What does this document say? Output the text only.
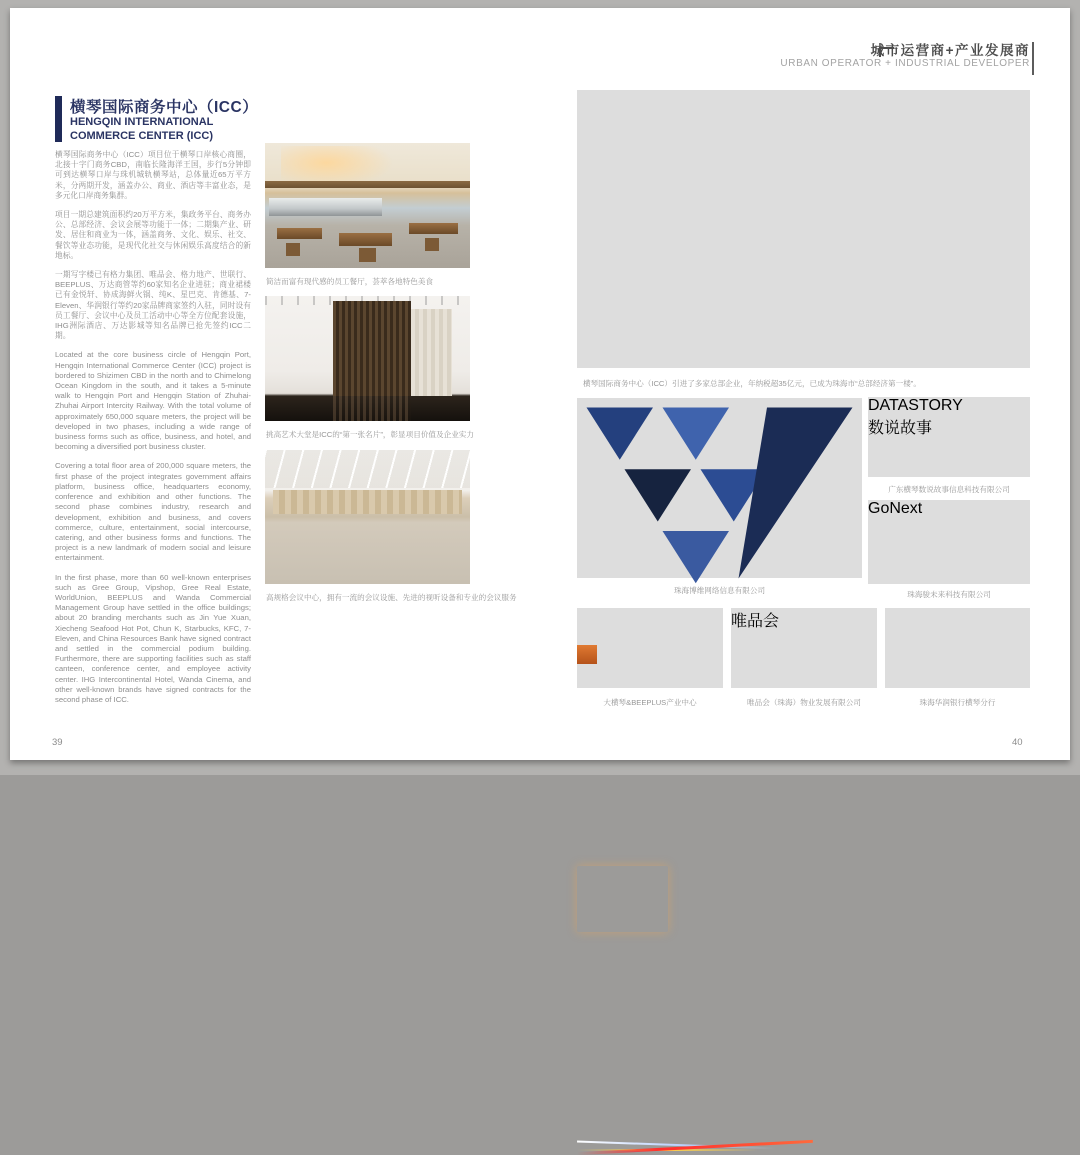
城市运营商+产业发展商
URBAN OPERATOR + INDUSTRIAL DEVELOPER
横琴国际商务中心（ICC）
HENGQIN INTERNATIONAL COMMERCE CENTER (ICC)

横琴国际商务中心（ICC）项目位于横琴口岸核心商圈，北接十字门商务CBD，南临长隆海洋王国，步行5分钟即可到达横琴口岸与珠机城轨横琴站，总体量近65万平方米，分两期开发，涵盖办公、商业、酒店等丰富业态，是多元化口岸商务集群。

项目一期总建筑面积约20万平方米，集政务平台、商务办公、总部经济、会议会展等功能于一体；二期集产业、研发、居住和商业为一体，涵盖商务、文化、娱乐、社交、餐饮等业态功能，是现代化社交与休闲娱乐高度结合的新地标。

一期写字楼已有格力集团、唯品会、格力地产、世联行、BEEPLUS、万达商管等约60家知名企业进驻；商业裙楼已有金悦轩、协成海鲜火锅、纯K、星巴克、肯德基、7-Eleven、华润银行等约20家品牌商家签约入驻，同时设有员工餐厅、会议中心及员工活动中心等全方位配套设施，IHG洲际酒店、万达影城等知名品牌已抢先签约ICC二期。

Located at the core business circle of Hengqin Port, Hengqin International Commerce Center (ICC) project is bordered to Shizimen CBD in the north and to Chimelong Ocean Kingdom in the south, and it takes a 5-minute walk to Hengqin Port and Hengqin Station of Zhuhai-Zhuhai Airport Intercity Railway. With the total volume of approximately 650,000 square meters, the project will be developed in two phases, including a wide range of business forms such as office, business, and hotel, and becoming a diversified port business cluster.

Covering a total floor area of 200,000 square meters, the first phase of the project integrates government affairs platform, business office, headquarters economy, conference and exhibition and other functions. The second phase combines industry, research and development, exhibition and business, and covers commerce, culture, entertainment, social intercourse, catering, and other business forms and functions. The project is a new landmark of modern social and leisure entertainment.

In the first phase, more than 60 well-known enterprises such as Gree Group, Vipshop, Gree Real Estate, WorldUnion, BEEPLUS and Wanda Commercial Management Group have settled in the office buildings; about 20 branding merchants such as Jin Yue Xuan, Xiecheng Seafood Hot Pot, Chun K, Starbucks, KFC, 7-Eleven, and China Resources Bank have signed contract and settled in the commercial podium building. Furthermore, there are supporting facilities such as staff canteen, conference center, and employee activity center. IHG Intercontinental Hotel, Wanda Cinema, and other well-known brands have signed contracts for the second phase of ICC.

简洁而富有现代感的员工餐厅，荟萃各地特色美食
挑高艺术大堂是ICC的“第一张名片”，彰显项目价值及企业实力
高规格会议中心，拥有一流的会议设施、先进的视听设备和专业的会议服务
横琴国际商务中心（ICC）引进了多家总部企业，年纳税超35亿元，已成为珠海市“总部经济第一楼”。
珠海博维网络信息有限公司
DATASTORY
数说故事
广东横琴数说故事信息科技有限公司
GoNext
珠海骏未来科技有限公司
大横琴&BEEPLUS产业中心
唯品会
唯品会（珠海）物业发展有限公司	珠海华润银行横琴分行
39	40
